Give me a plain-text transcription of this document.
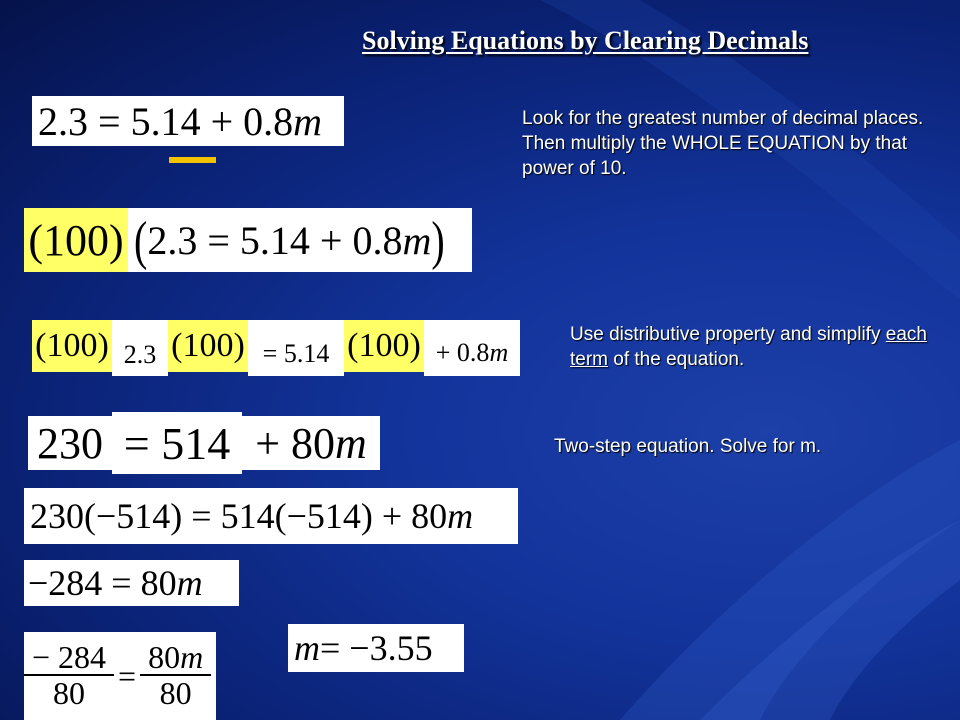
Solving Equations by Clearing Decimals
2.3
=
5.14
+
0.8 m	Look for the greatest number of decimal places. Then multiply the WHOLE EQUATION by that power of 10.
(100) ( 2.3
=
5.14
+
0.8 m )
(100) 2.3 (100) = 5.14 (100) + 0.8 m
Use distributive property and simplify each term of the equation.
230 =
514 +
80 m	Two-step equation. Solve for m.
230(−514) = 514(−514) + 80 m
−284 = 80 m
$\frac{- 284}{80}$
=
$\frac{80m}{80}$ m = −3.55
